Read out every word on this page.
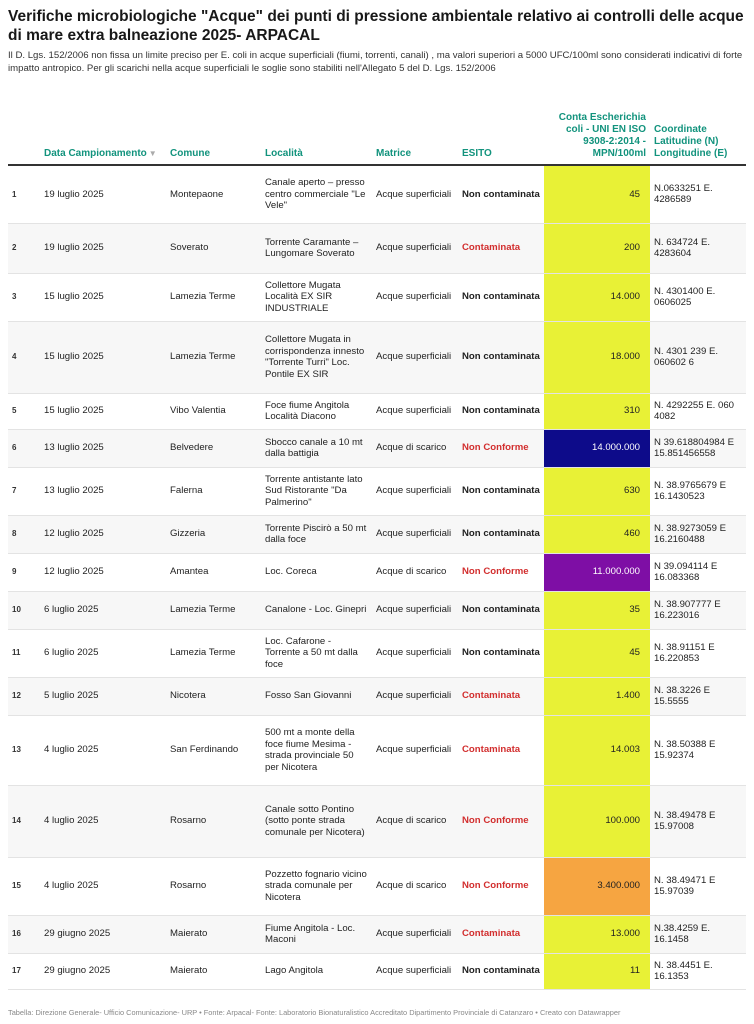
Verifiche microbiologiche "Acque" dei punti di pressione ambientale relativo ai controlli delle acque di mare extra balneazione 2025- ARPACAL
Il D. Lgs. 152/2006 non fissa un limite preciso per E. coli in acque superficiali (fiumi, torrenti, canali) , ma valori superiori a 5000 UFC/100ml sono considerati indicativi di forte impatto antropico. Per gli scarichi nella acque superficiali le soglie sono stabiliti nell'Allegato 5 del D. Lgs. 152/2006
	Data Campionamento ▼	Comune	Località	Matrice	ESITO	Conta Escherichia coli - UNI EN ISO 9308-2:2014 - MPN/100ml	Coordinate Latitudine (N) Longitudine (E)
1	19 luglio 2025	Montepaone	Canale aperto – presso centro commerciale "Le Vele"	Acque superficiali	Non contaminata	45	N.0633251 E. 4286589
2	19 luglio 2025	Soverato	Torrente Caramante – Lungomare Soverato	Acque superficiali	Contaminata	200	N. 634724 E. 4283604
3	15 luglio 2025	Lamezia Terme	Collettore Mugata Località EX SIR INDUSTRIALE	Acque superficiali	Non contaminata	14.000	N. 4301400 E. 0606025
4	15 luglio 2025	Lamezia Terme	Collettore Mugata in corrispondenza innesto "Torrente Turri" Loc. Pontile EX SIR	Acque superficiali	Non contaminata	18.000	N. 4301 239 E. 060602 6
5	15 luglio 2025	Vibo Valentia	Foce fiume Angitola Località Diacono	Acque superficiali	Non contaminata	310	N. 4292255 E. 060 4082
6	13 luglio 2025	Belvedere	Sbocco canale a 10 mt dalla battigia	Acque di scarico	Non Conforme	14.000.000	N 39.618804984 E 15.851456558
7	13 luglio 2025	Falerna	Torrente antistante lato Sud Ristorante "Da Palmerino"	Acque superficiali	Non contaminata	630	N. 38.9765679 E 16.1430523
8	12 luglio 2025	Gizzeria	Torrente Piscirò a 50 mt dalla foce	Acque superficiali	Non contaminata	460	N. 38.9273059 E 16.2160488
9	12 luglio 2025	Amantea	Loc. Coreca	Acque di scarico	Non Conforme	11.000.000	N 39.094114 E 16.083368
10	6 luglio 2025	Lamezia Terme	Canalone - Loc. Ginepri	Acque superficiali	Non contaminata	35	N. 38.907777 E 16.223016
11	6 luglio 2025	Lamezia Terme	Loc. Cafarone - Torrente a 50 mt dalla foce	Acque superficiali	Non contaminata	45	N. 38.91151 E 16.220853
12	5 luglio 2025	Nicotera	Fosso San Giovanni	Acque superficiali	Contaminata	1.400	N. 38.3226 E 15.5555
13	4 luglio 2025	San Ferdinando	500 mt a monte della foce fiume Mesima - strada provinciale 50 per Nicotera	Acque superficiali	Contaminata	14.003	N. 38.50388 E 15.92374
14	4 luglio 2025	Rosarno	Canale sotto Pontino (sotto ponte strada comunale per Nicotera)	Acque di scarico	Non Conforme	100.000	N. 38.49478 E 15.97008
15	4 luglio 2025	Rosarno	Pozzetto fognario vicino strada comunale per Nicotera	Acque di scarico	Non Conforme	3.400.000	N. 38.49471 E 15.97039
16	29 giugno 2025	Maierato	Fiume Angitola - Loc. Maconi	Acque superficiali	Contaminata	13.000	N.38.4259 E. 16.1458
17	29 giugno 2025	Maierato	Lago Angitola	Acque superficiali	Non contaminata	11	N. 38.4451 E. 16.1353
Tabella: Direzione Generale- Ufficio Comunicazione- URP • Fonte: Arpacal- Fonte: Laboratorio Bionaturalistico Accreditato Dipartimento Provinciale di Catanzaro • Creato con Datawrapper
